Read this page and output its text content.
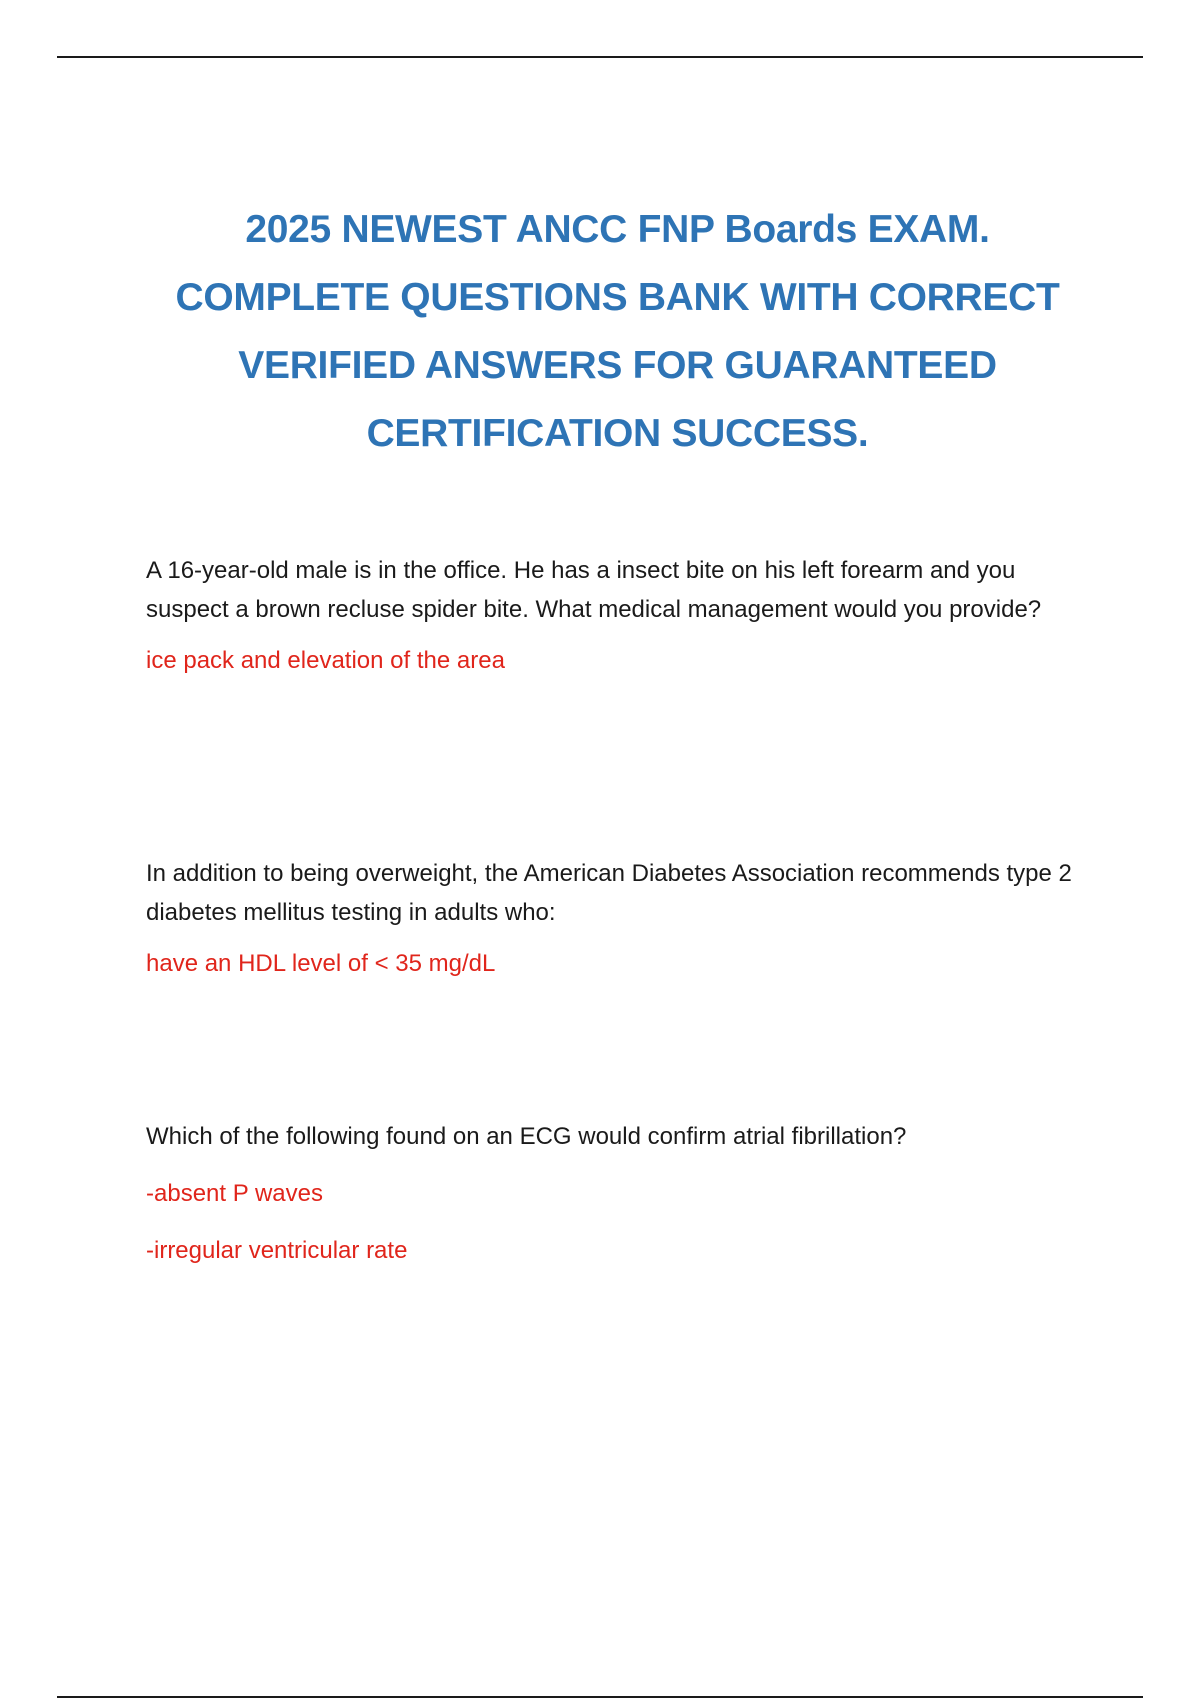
2025 NEWEST ANCC FNP Boards EXAM.
COMPLETE QUESTIONS BANK WITH CORRECT
VERIFIED ANSWERS FOR GUARANTEED
CERTIFICATION SUCCESS.

A 16-year-old male is in the office. He has a insect bite on his left forearm and you suspect a brown recluse spider bite. What medical management would you provide?

ice pack and elevation of the area

In addition to being overweight, the American Diabetes Association recommends type 2 diabetes mellitus testing in adults who:

have an HDL level of < 35 mg/dL

Which of the following found on an ECG would confirm atrial fibrillation?

-absent P waves

-irregular ventricular rate
